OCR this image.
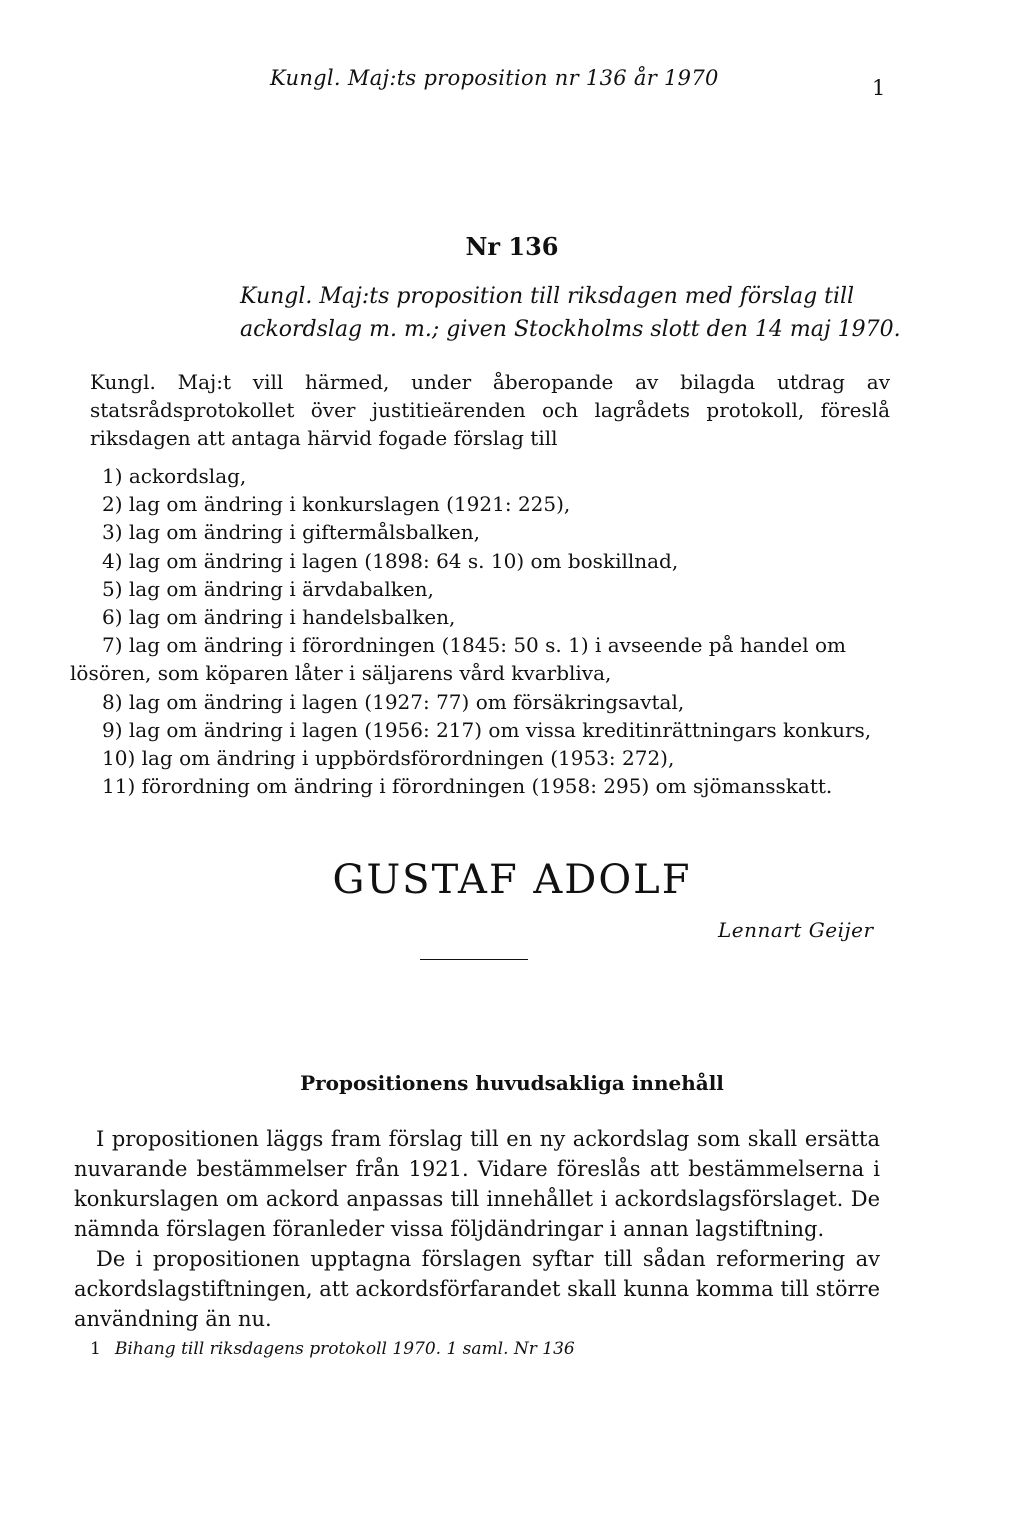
Kungl. Maj:ts proposition nr 136 år 1970	1
Nr 136
Kungl. Maj:ts proposition till riksdagen med förslag till ackordslag m. m.; given Stockholms slott den 14 maj 1970.
Kungl. Maj:t vill härmed, under åberopande av bilagda utdrag av statsrådsprotokollet över justitieärenden och lagrådets protokoll, föreslå riksdagen att antaga härvid fogade förslag till
1) ackordslag,
2) lag om ändring i konkurslagen (1921: 225),
3) lag om ändring i giftermålsbalken,
4) lag om ändring i lagen (1898: 64 s. 10) om boskillnad,
5) lag om ändring i ärvdabalken,
6) lag om ändring i handelsbalken,
7) lag om ändring i förordningen (1845: 50 s. 1) i avseende på handel om lösören, som köparen låter i säljarens vård kvarbliva,
8) lag om ändring i lagen (1927: 77) om försäkringsavtal,
9) lag om ändring i lagen (1956: 217) om vissa kreditinrättningars konkurs,
10) lag om ändring i uppbördsförordningen (1953: 272),
11) förordning om ändring i förordningen (1958: 295) om sjömansskatt.
GUSTAF ADOLF
Lennart Geijer
Propositionens huvudsakliga innehåll

I propositionen läggs fram förslag till en ny ackordslag som skall ersätta nuvarande bestämmelser från 1921. Vidare föreslås att bestämmelserna i konkurslagen om ackord anpassas till innehållet i ackordslagsförslaget. De nämnda förslagen föranleder vissa följdändringar i annan lagstiftning.

De i propositionen upptagna förslagen syftar till sådan reformering av ackordslagstiftningen, att ackordsförfarandet skall kunna komma till större användning än nu.

1 Bihang till riksdagens protokoll 1970. 1 saml. Nr 136
